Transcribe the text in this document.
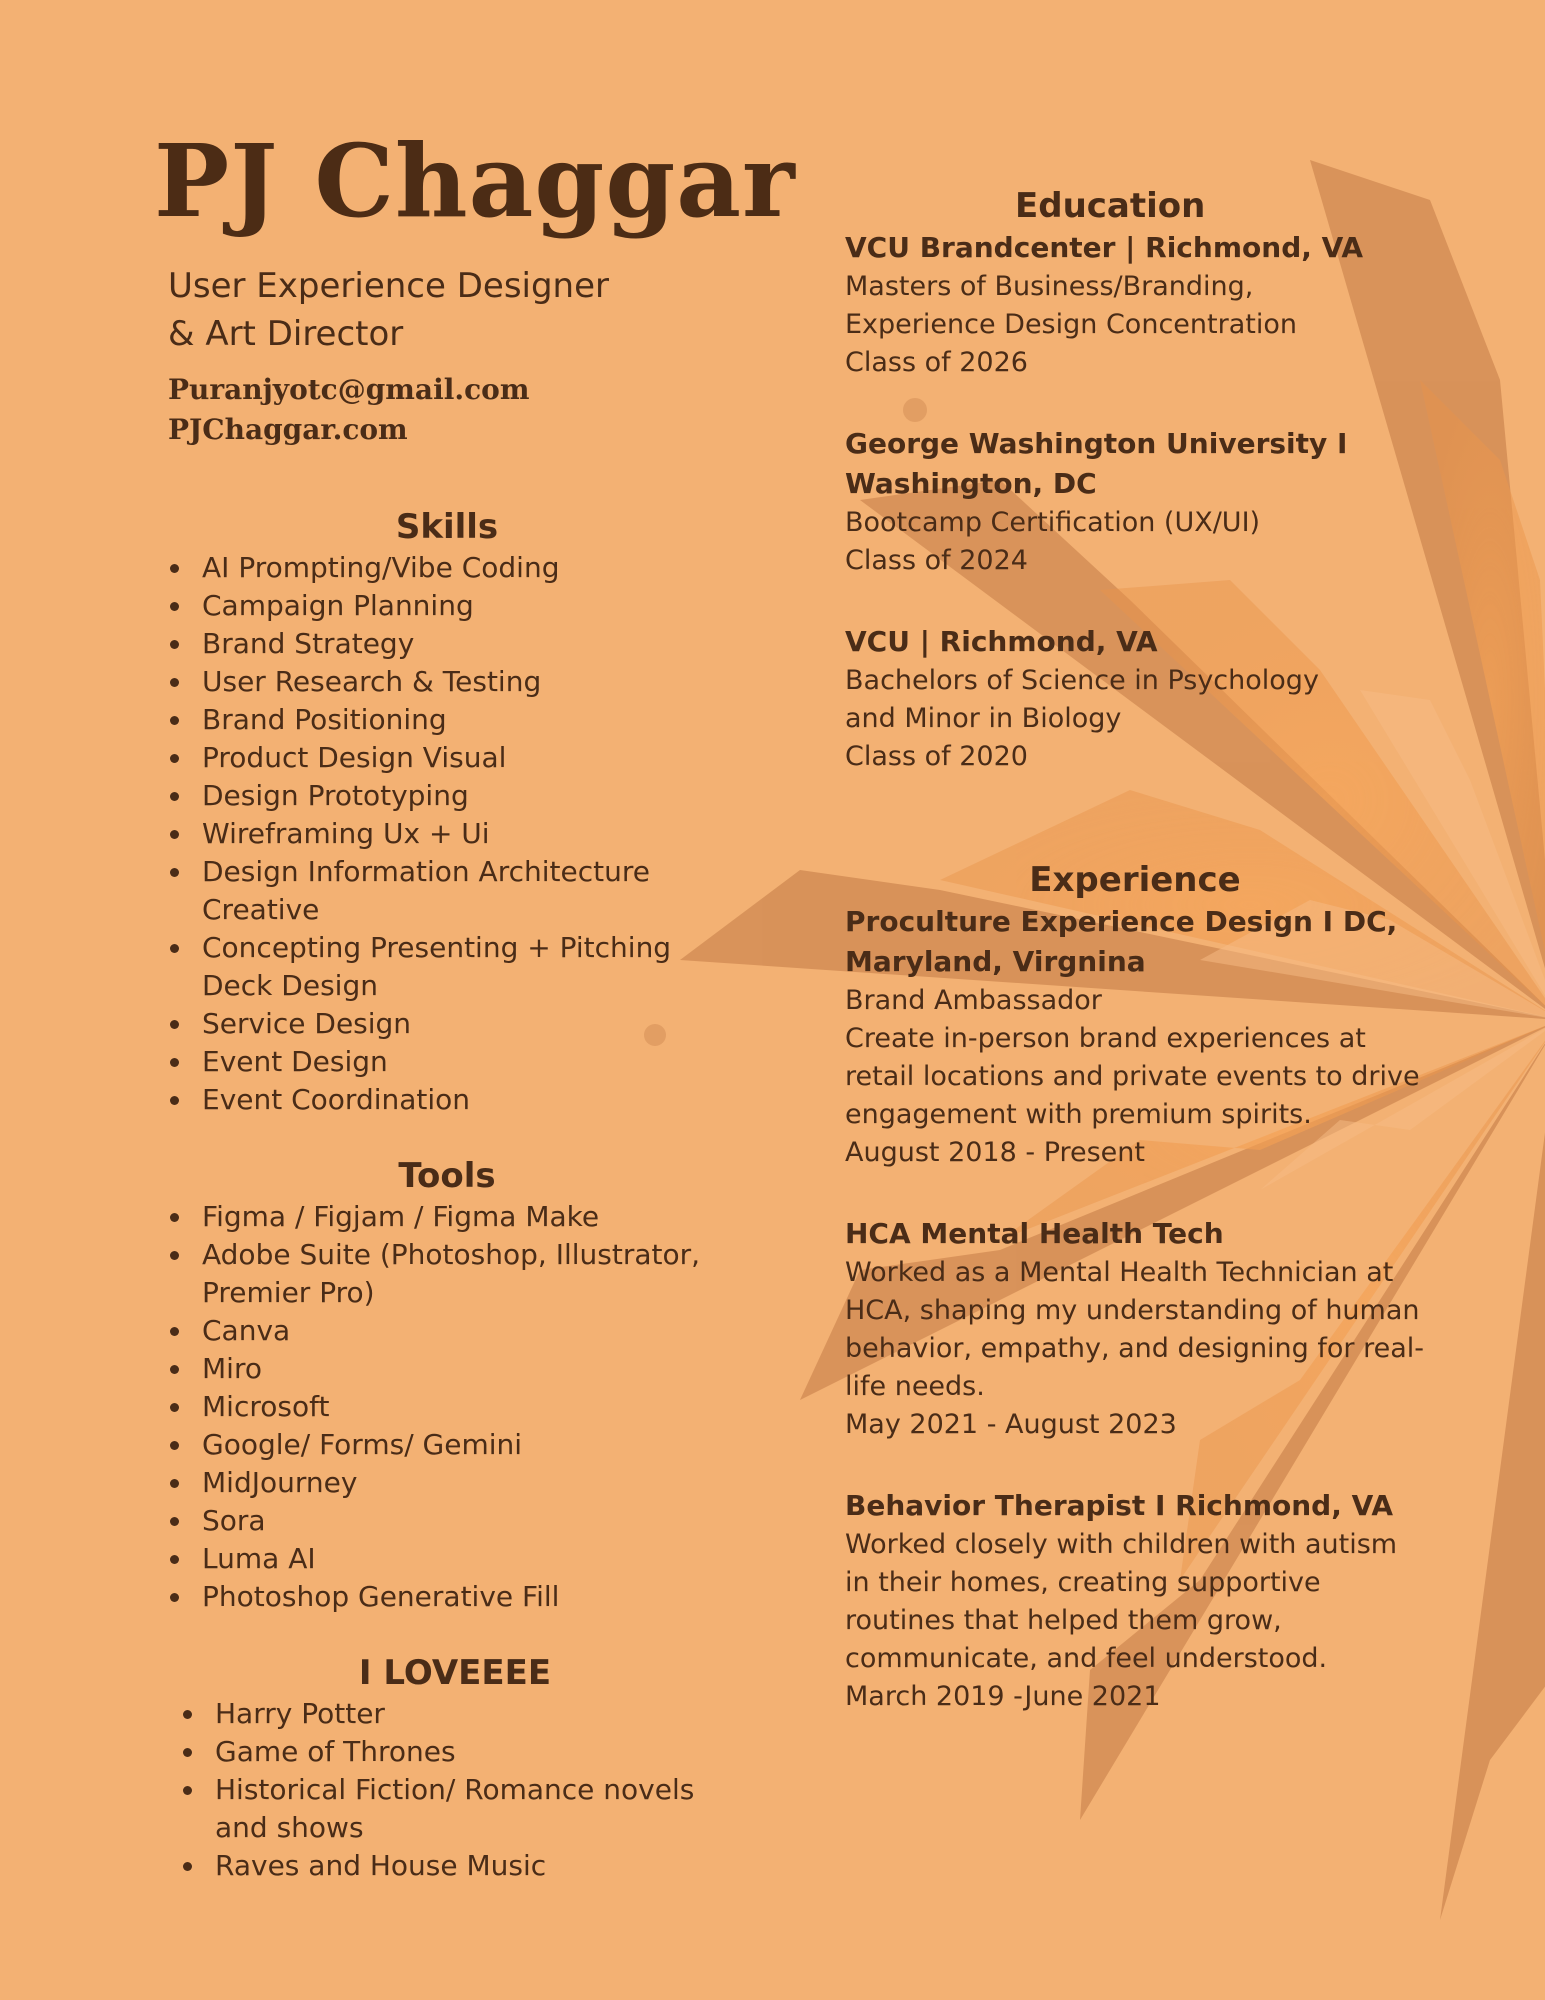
PJ Chaggar
User Experience Designer
& Art Director
Puranjyotc@gmail.com
PJChaggar.com
Skills
AI Prompting/Vibe Coding
Campaign Planning
Brand Strategy
User Research & Testing
Brand Positioning
Product Design Visual
Design Prototyping
Wireframing Ux + Ui
Design Information Architecture Creative
Concepting Presenting + Pitching Deck Design
Service Design
Event Design
Event Coordination
Tools
Figma / Figjam / Figma Make
Adobe Suite (Photoshop, Illustrator, Premier Pro)
Canva
Miro
Microsoft
Google/ Forms/ Gemini
MidJourney
Sora
Luma AI
Photoshop Generative Fill
I LOVEEEE
Harry Potter
Game of Thrones
Historical Fiction/ Romance novels and shows
Raves and House Music
Education
VCU Brandcenter | Richmond, VA
Masters of Business/Branding,
Experience Design Concentration
Class of 2026
George Washington University I Washington, DC
Bootcamp Certification (UX/UI)
Class of 2024
VCU | Richmond, VA
Bachelors of Science in Psychology
and Minor in Biology
Class of 2020
Experience
Proculture Experience Design I DC, Maryland, Virgnina
Brand Ambassador
Create in-person brand experiences at retail locations and private events to drive engagement with premium spirits.
August 2018 - Present
HCA Mental Health Tech
Worked as a Mental Health Technician at HCA, shaping my understanding of human behavior, empathy, and designing for real-life needs.
May 2021 - August 2023
Behavior Therapist I Richmond, VA
Worked closely with children with autism in their homes, creating supportive routines that helped them grow, communicate, and feel understood.
March 2019 -June 2021
